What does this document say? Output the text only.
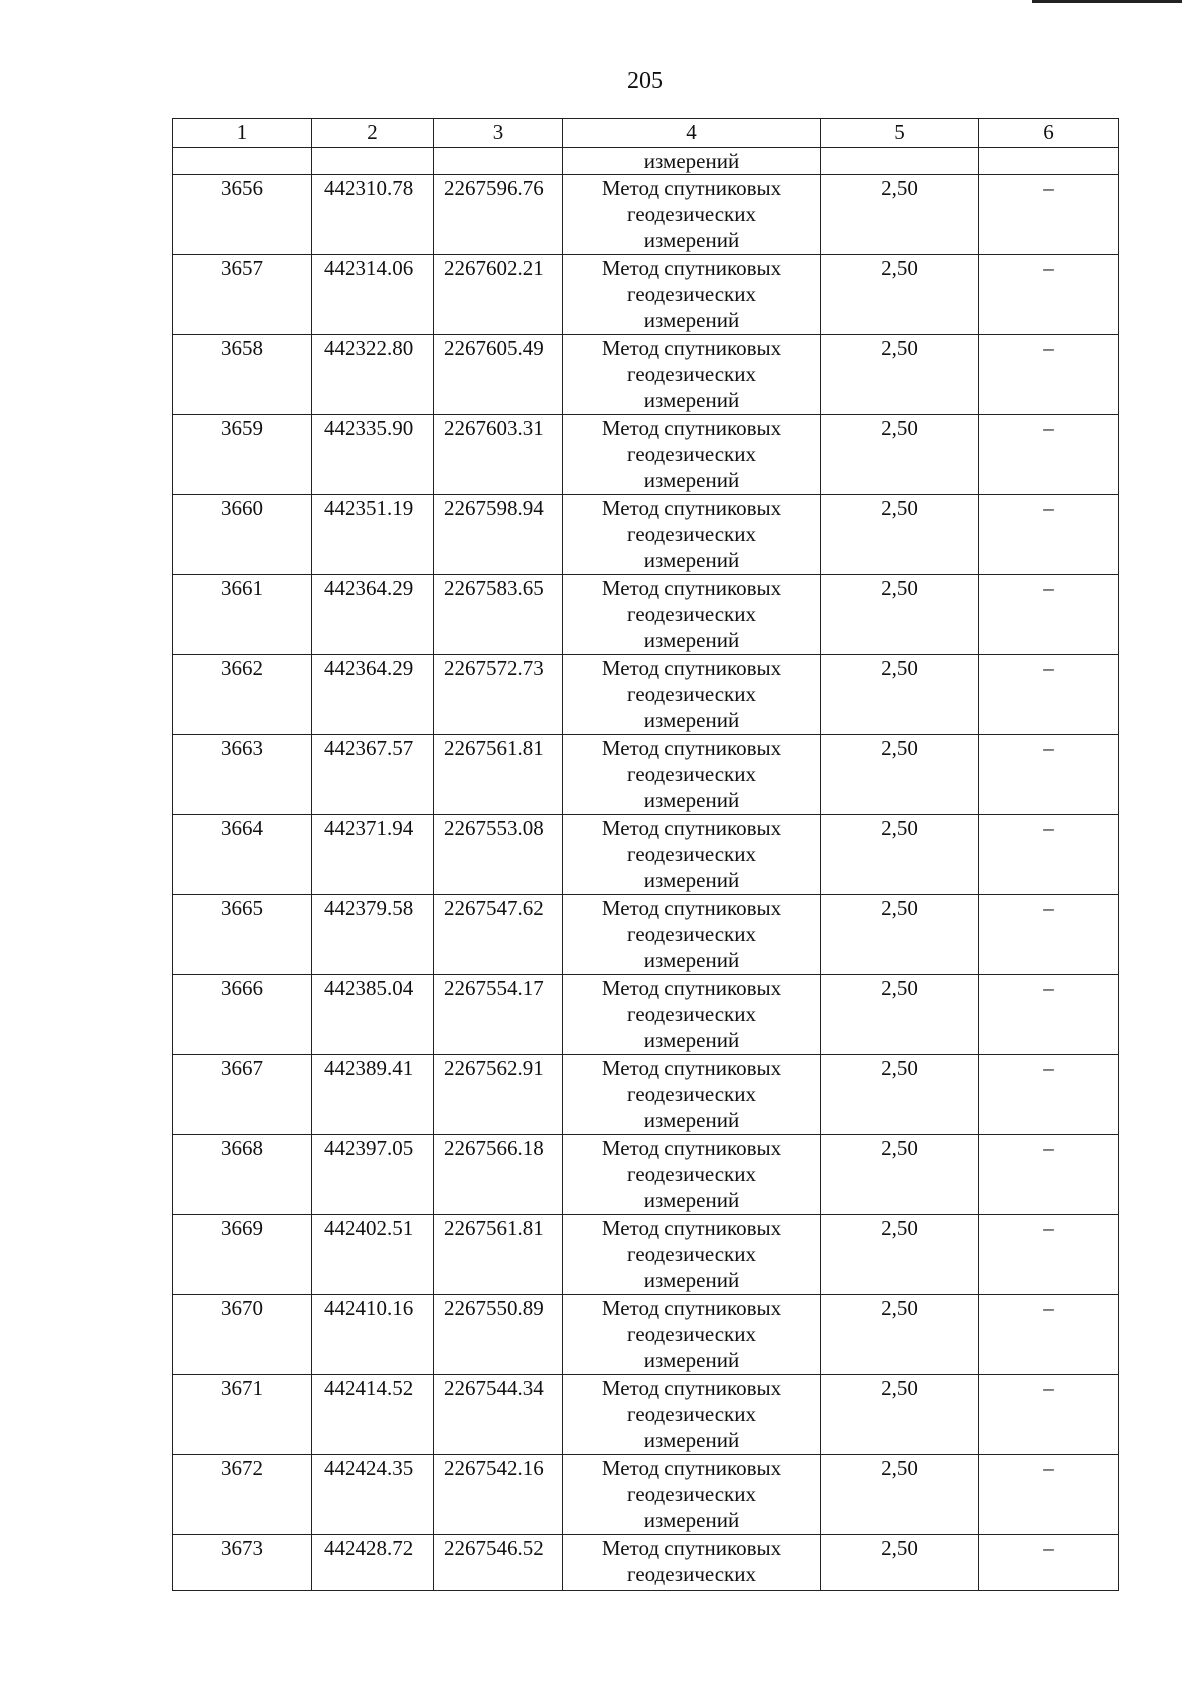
205
1	2	3	4	5	6
			измерений		
3656	442310.78	2267596.76	Метод спутниковых
геодезических
измерений	2,50	–
3657	442314.06	2267602.21	Метод спутниковых
геодезических
измерений	2,50	–
3658	442322.80	2267605.49	Метод спутниковых
геодезических
измерений	2,50	–
3659	442335.90	2267603.31	Метод спутниковых
геодезических
измерений	2,50	–
3660	442351.19	2267598.94	Метод спутниковых
геодезических
измерений	2,50	–
3661	442364.29	2267583.65	Метод спутниковых
геодезических
измерений	2,50	–
3662	442364.29	2267572.73	Метод спутниковых
геодезических
измерений	2,50	–
3663	442367.57	2267561.81	Метод спутниковых
геодезических
измерений	2,50	–
3664	442371.94	2267553.08	Метод спутниковых
геодезических
измерений	2,50	–
3665	442379.58	2267547.62	Метод спутниковых
геодезических
измерений	2,50	–
3666	442385.04	2267554.17	Метод спутниковых
геодезических
измерений	2,50	–
3667	442389.41	2267562.91	Метод спутниковых
геодезических
измерений	2,50	–
3668	442397.05	2267566.18	Метод спутниковых
геодезических
измерений	2,50	–
3669	442402.51	2267561.81	Метод спутниковых
геодезических
измерений	2,50	–
3670	442410.16	2267550.89	Метод спутниковых
геодезических
измерений	2,50	–
3671	442414.52	2267544.34	Метод спутниковых
геодезических
измерений	2,50	–
3672	442424.35	2267542.16	Метод спутниковых
геодезических
измерений	2,50	–
3673	442428.72	2267546.52	Метод спутниковых
геодезических	2,50	–
